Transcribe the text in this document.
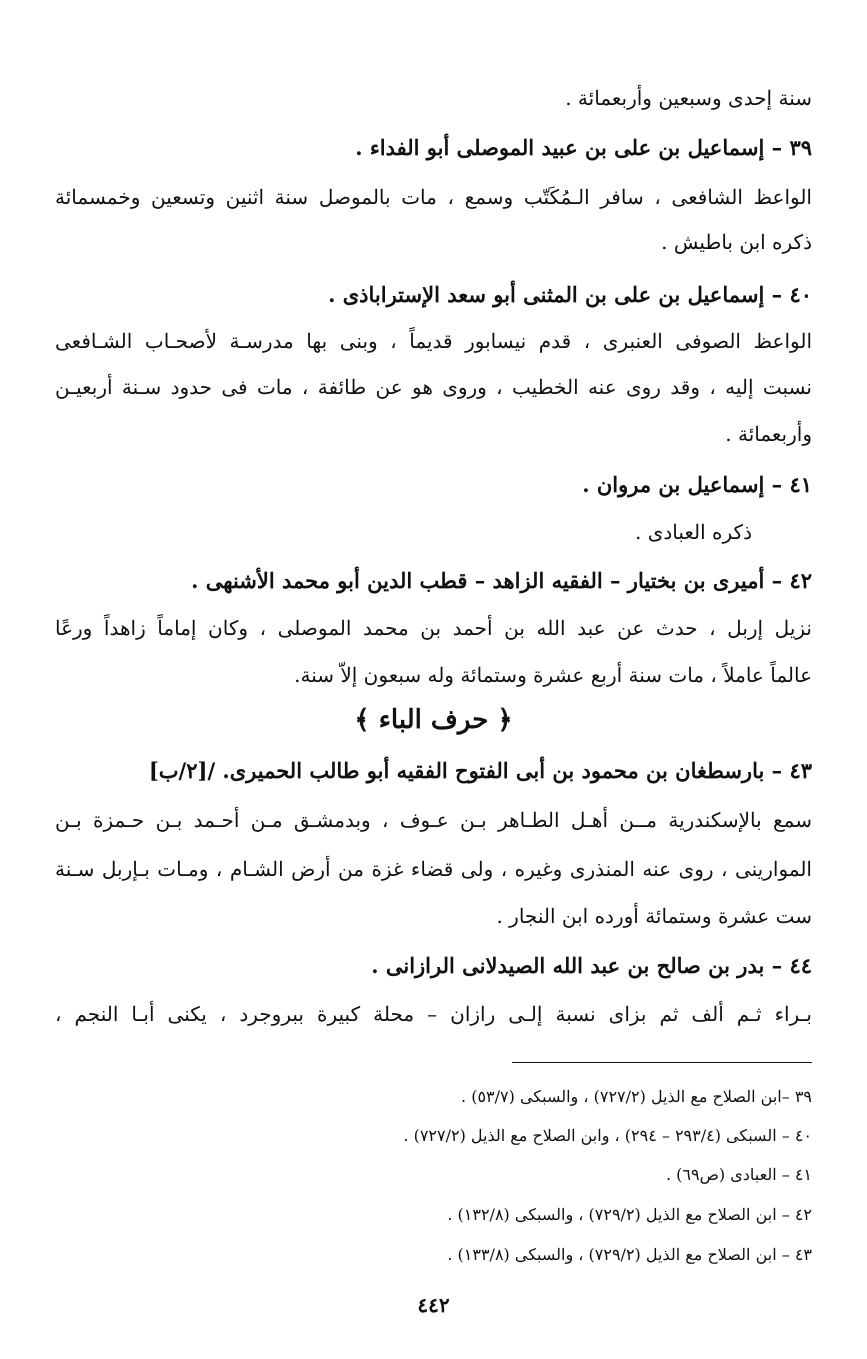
سنة إحدى وسبعين وأربعمائة .
٣٩ – إسماعيل بن على بن عبيد الموصلى أبو الفداء .
الواعظ الشافعى ، سافر الـمُكَتّب وسمع ، مات بالموصل سنة اثنين وتسعين وخمسمائة
ذكره ابن باطيش .
٤٠ – إسماعيل بن على بن المثنى أبو سعد الإستراباذى .
الواعظ الصوفى العنبرى ، قدم نيسابور قديماً ، وبنى بها مدرسـة لأصحـاب الشـافعى
نسبت إليه ، وقد روى عنه الخطيب ، وروى هو عن طائفة ، مات فى حدود سـنة أربعيـن
وأربعمائة .
٤١ – إسماعيل بن مروان .
ذكره العبادى .
٤٢ – أميرى بن بختيار – الفقيه الزاهد – قطب الدين أبو محمد الأشنهى .
نزيل إربل ، حدث عن عبد الله بن أحمد بن محمد الموصلى ، وكان إماماً زاهداً ورعًا
عالماً عاملاً ، مات سنة أربع عشرة وستمائة وله سبعون إلاّ سنة.
﴿ حرف الباء ﴾
٤٣ – بارسطغان بن محمود بن أبى الفتوح الفقيه أبو طالب الحميرى. /[٢/ب]
سمع بالإسكندرية مــن أهـل الطـاهر بـن عـوف ، وبدمشـق مـن أحـمد بـن حـمزة بـن
الموارينى ، روى عنه المنذرى وغيره ، ولى قضاء غزة من أرض الشـام ، ومـات بـإربل سـنة
ست عشرة وستمائة أورده ابن النجار .
٤٤ – بدر بن صالح بن عبد الله الصيدلانى الرازانى .
بـراء ثـم ألف ثم بزاى نسبة إلـى رازان – محلة كبيرة ببروجرد ، يكنى أبـا النجم ،
٣٩ –ابن الصلاح مع الذيل (٧٢٧/٢) ، والسبكى (٥٣/٧) .
٤٠ – السبكى (٢٩٣/٤ – ٢٩٤) ، وابن الصلاح مع الذيل (٧٢٧/٢) .
٤١ – العبادى (ص٦٩) .
٤٢ – ابن الصلاح مع الذيل (٧٢٩/٢) ، والسبكى (١٣٢/٨) .
٤٣ – ابن الصلاح مع الذيل (٧٢٩/٢) ، والسبكى (١٣٣/٨) .
٤٤٢
